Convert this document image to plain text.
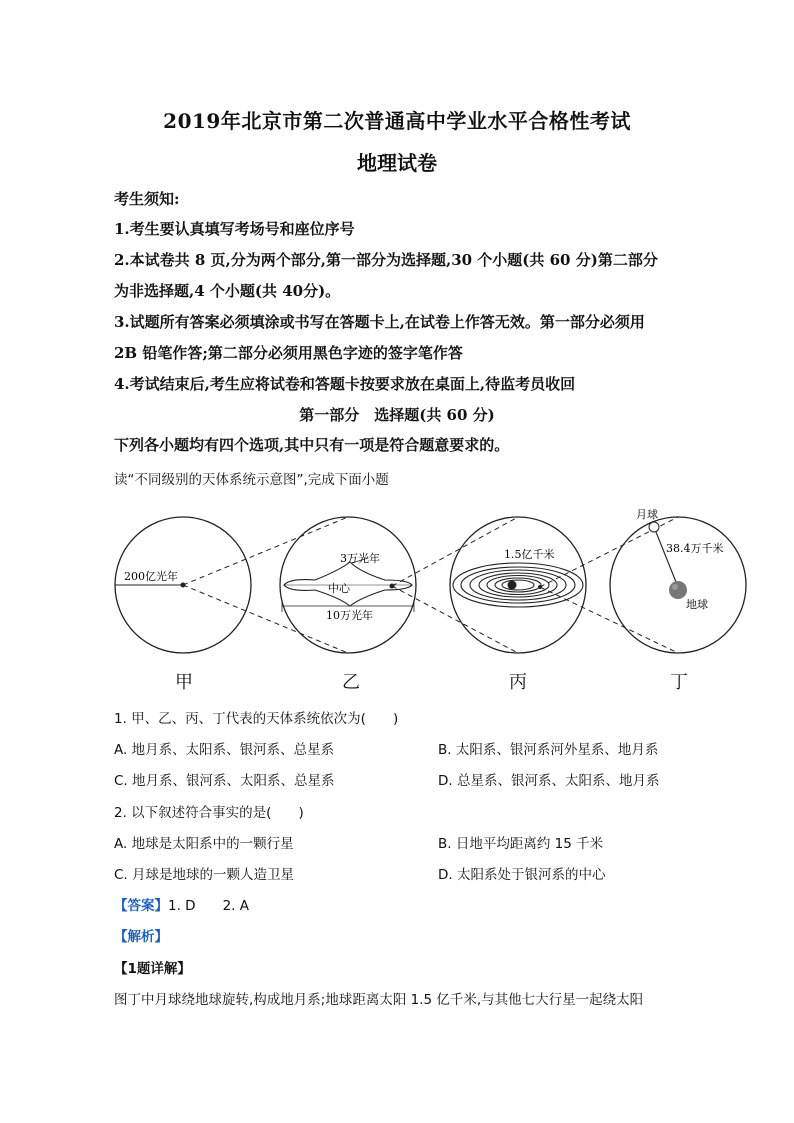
2019年北京市第二次普通高中学业水平合格性考试
地理试卷
考生须知:
1.考生要认真填写考场号和座位序号
2.本试卷共 8 页,分为两个部分,第一部分为选择题,30 个小题(共 60 分)第二部分
为非选择题,4 个小题(共 40分)。
3.试题所有答案必须填涂或书写在答题卡上,在试卷上作答无效。第一部分必须用
2B 铅笔作答;第二部分必须用黑色字迹的签字笔作答
4.考试结束后,考生应将试卷和答题卡按要求放在桌面上,待监考员收回
第一部分　选择题(共 60 分)
下列各小题均有四个选项,其中只有一项是符合题意要求的。
读“不同级别的天体系统示意图”,完成下面小题
200亿光年
3万光年
中心
10万光年
1.5亿千米
月球
38.4万千米
地球
甲	乙	丙	丁
1. 甲、乙、丙、丁代表的天体系统依次为(　　)
A. 地月系、太阳系、银河系、总星系	B. 太阳系、银河系河外星系、地月系
C. 地月系、银河系、太阳系、总星系	D. 总星系、银河系、太阳系、地月系
2. 以下叙述符合事实的是(　　)
A. 地球是太阳系中的一颗行星	B. 日地平均距离约 15 千米
C. 月球是地球的一颗人造卫星	D. 太阳系处于银河系的中心
【答案】1. D　　2. A
【解析】
【1题详解】
图丁中月球绕地球旋转,构成地月系;地球距离太阳 1.5 亿千米,与其他七大行星一起绕太阳
